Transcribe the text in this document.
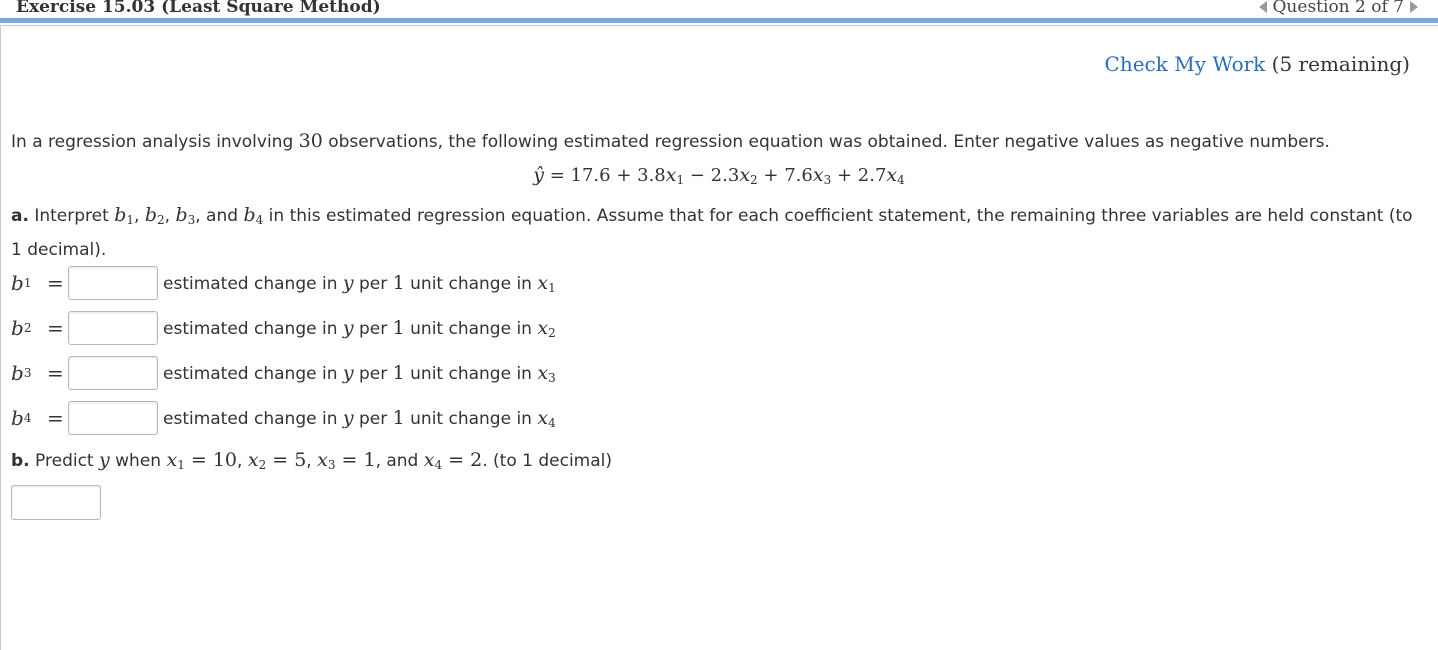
Exercise 15.03 (Least Square Method)	Question 2 of 7
Check My Work (5 remaining)
In a regression analysis involving 30 observations, the following estimated regression equation was obtained. Enter negative values as negative numbers.
ŷ = $17.6 + 3.8x_1 - 2.3x_2 + 7.6x_3 + 2.7x_4$
a. Interpret $b_1$, $b_2$, $b_3$, and $b_4$ in this estimated regression equation. Assume that for each coefficient statement, the remaining three variables are held constant (to 1 decimal).
b 1 =	estimated change in y per 1 unit change in $x_1$
b 2 =	estimated change in y per 1 unit change in $x_2$
b 3 =	estimated change in y per 1 unit change in $x_3$
b 4 =	estimated change in y per 1 unit change in $x_4$
b. Predict y when $x_1 = 10$, $x_2 = 5$, $x_3 = 1$, and $x_4 = 2$. (to 1 decimal)
